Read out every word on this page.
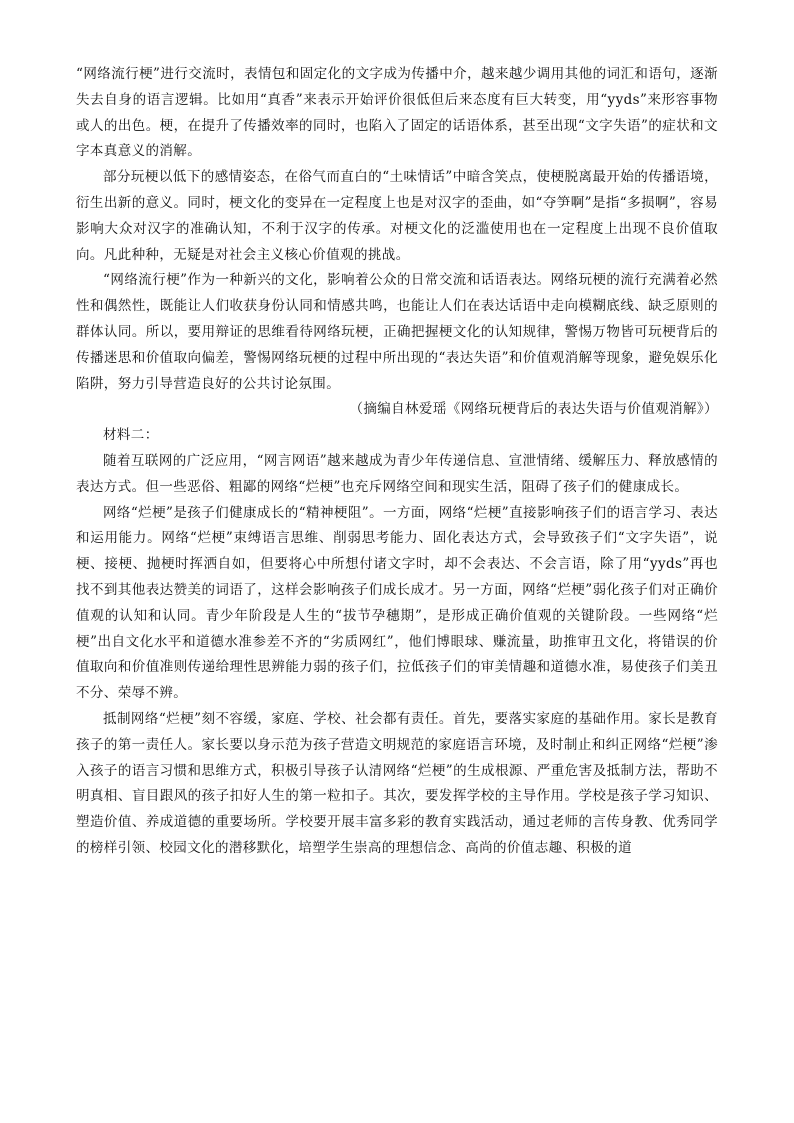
“网络流行梗”进行交流时，表情包和固定化的文字成为传播中介，越来越少调用其他的词汇和语句，逐渐失去自身的语言逻辑。比如用“真香”来表示开始评价很低但后来态度有巨大转变，用“yyds”来形容事物或人的出色。梗，在提升了传播效率的同时，也陷入了固定的话语体系，甚至出现“文字失语”的症状和文字本真意义的消解。

部分玩梗以低下的感情姿态，在俗气而直白的“土味情话”中暗含笑点，使梗脱离最开始的传播语境，衍生出新的意义。同时，梗文化的变异在一定程度上也是对汉字的歪曲，如“夺笋啊”是指“多损啊”，容易影响大众对汉字的准确认知，不利于汉字的传承。对梗文化的泛滥使用也在一定程度上出现不良价值取向。凡此种种，无疑是对社会主义核心价值观的挑战。

“网络流行梗”作为一种新兴的文化，影响着公众的日常交流和话语表达。网络玩梗的流行充满着必然性和偶然性，既能让人们收获身份认同和情感共鸣，也能让人们在表达话语中走向模糊底线、缺乏原则的群体认同。所以，要用辩证的思维看待网络玩梗，正确把握梗文化的认知规律，警惕万物皆可玩梗背后的传播迷思和价值取向偏差，警惕网络玩梗的过程中所出现的“表达失语”和价值观消解等现象，避免娱乐化陷阱，努力引导营造良好的公共讨论氛围。

（摘编自林爱瑶《网络玩梗背后的表达失语与价值观消解》）

材料二：

随着互联网的广泛应用，“网言网语”越来越成为青少年传递信息、宣泄情绪、缓解压力、释放感情的表达方式。但一些恶俗、粗鄙的网络“烂梗”也充斥网络空间和现实生活，阻碍了孩子们的健康成长。

网络“烂梗”是孩子们健康成长的“精神梗阻”。一方面，网络“烂梗”直接影响孩子们的语言学习、表达和运用能力。网络“烂梗”束缚语言思维、削弱思考能力、固化表达方式，会导致孩子们“文字失语”，说梗、接梗、抛梗时挥洒自如，但要将心中所想付诸文字时，却不会表达、不会言语，除了用“yyds”再也找不到其他表达赞美的词语了，这样会影响孩子们成长成才。另一方面，网络“烂梗”弱化孩子们对正确价值观的认知和认同。青少年阶段是人生的“拔节孕穗期”，是形成正确价值观的关键阶段。一些网络“烂梗”出自文化水平和道德水准参差不齐的“劣质网红”，他们博眼球、赚流量，助推审丑文化，将错误的价值取向和价值准则传递给理性思辨能力弱的孩子们，拉低孩子们的审美情趣和道德水准，易使孩子们美丑不分、荣辱不辨。

抵制网络“烂梗”刻不容缓，家庭、学校、社会都有责任。首先，要落实家庭的基础作用。家长是教育孩子的第一责任人。家长要以身示范为孩子营造文明规范的家庭语言环境，及时制止和纠正网络“烂梗”渗入孩子的语言习惯和思维方式，积极引导孩子认清网络“烂梗”的生成根源、严重危害及抵制方法，帮助不明真相、盲目跟风的孩子扣好人生的第一粒扣子。其次，要发挥学校的主导作用。学校是孩子学习知识、塑造价值、养成道德的重要场所。学校要开展丰富多彩的教育实践活动，通过老师的言传身教、优秀同学的榜样引领、校园文化的潜移默化，培塑学生崇高的理想信念、高尚的价值志趣、积极的道
